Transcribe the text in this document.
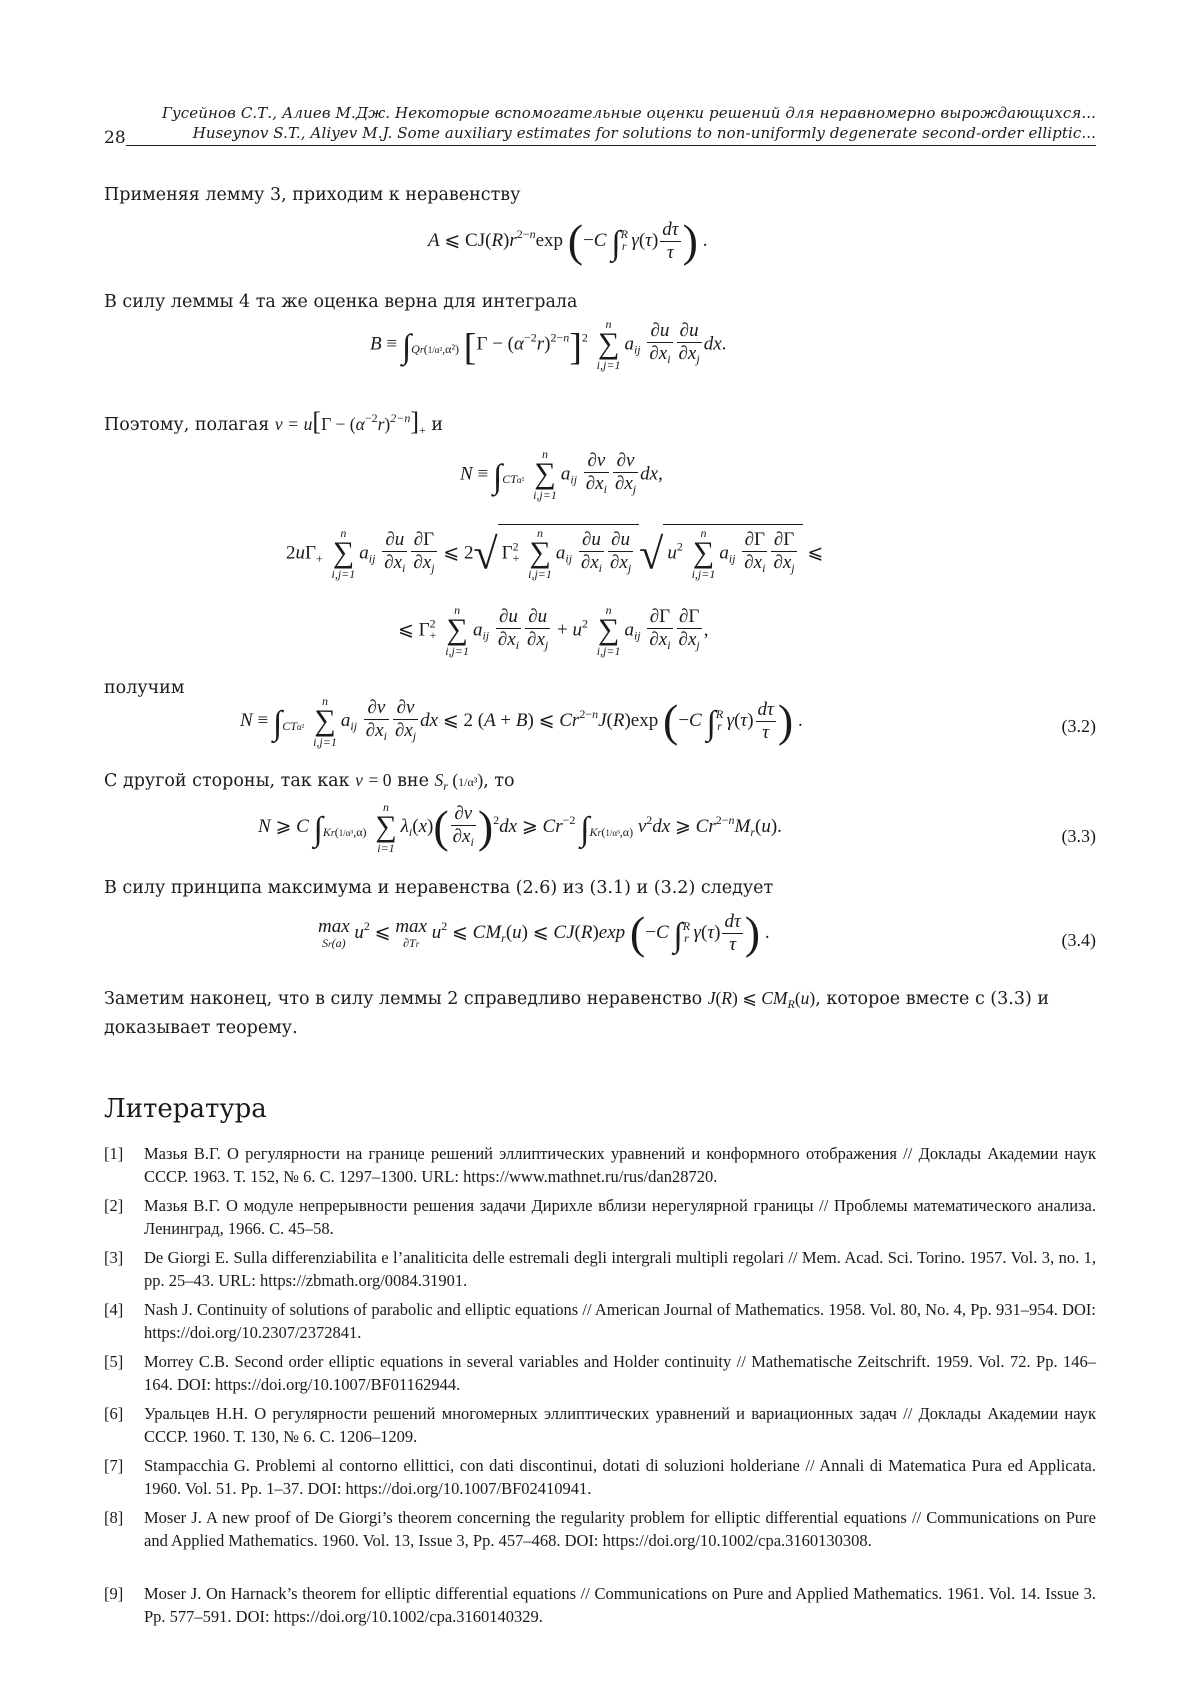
28
Гусейнов С.Т., Алиев М.Дж. Некоторые вспомогательные оценки решений для неравномерно вырождающихся...
Huseynov S.T., Aliyev M.J. Some auxiliary estimates for solutions to non-uniformly degenerate second-order elliptic...
Применяя лемму 3, приходим к неравенству
A ⩽ $CJ(R)r^{2-n}\exp$ (−C ∫$^R_r$ $\gamma(\tau) \frac{d\tau}{\tau}$ ) .
В силу леммы 4 та же оценка верна для интеграла
$B \equiv \int_{Qr(1/\alpha^2,\alpha^2)}$ $[\Gamma - (\alpha^{-2}r)^{2-n}]^2$
n
∑
i,j=1
$a_{ij} \frac{\partial u}{\partial x_i} \frac{\partial u}{\partial x_j}$ dx.
Поэтому, полагая $v = u[\Gamma - (\alpha^{-2}r)^{2-n}]_+$ и
$N \equiv \int_{CT\alpha^2}$
n
∑
i,j=1
$a_{ij} \frac{\partial v}{\partial x_i} \frac{\partial v}{\partial x_j}$ dx,
$2u\Gamma_+$
n
∑
i,j=1
$a_{ij} \frac{\partial u}{\partial x_i} \frac{\partial\Gamma}{\partial x_j}$ ⩽ 2√ $\Gamma^2_+$
n
∑
i,j=1
$a_{ij} \frac{\partial u}{\partial x_i} \frac{\partial u}{\partial x_j}$ √ $u^2$
n
∑
i,j=1
$a_{ij} \frac{\partial\Gamma}{\partial x_i} \frac{\partial\Gamma}{\partial x_j}$ ⩽
⩽ $\Gamma^2_+$
n
∑
i,j=1
$a_{ij} \frac{\partial u}{\partial x_i} \frac{\partial u}{\partial x_j} + u^2$
n
∑
i,j=1
$a_{ij} \frac{\partial\Gamma}{\partial x_i} \frac{\partial\Gamma}{\partial x_j}$ ,
получим
$N \equiv \int_{CT\alpha^2}$
n
∑
i,j=1
$a_{ij} \frac{\partial v}{\partial x_i} \frac{\partial v}{\partial x_j}$ dx ⩽ 2 (A + B) ⩽ $Cr^{2-n}J(R)\exp$ (−C ∫$^R_r$ $\gamma(\tau) \frac{d\tau}{\tau}$ ) .	(3.2)
С другой стороны, так как v = 0 вне $S_r$ (1/α³), то
N ⩾ C $\int_{Kr(1/\alpha^3,\alpha)}$
n
∑
i=1
$\lambda_i(x)( \frac{\partial v}{\partial x_i} )^2dx$ ⩾ $Cr^{-2}$ $\int_{Kr(1/\alpha^3,\alpha)}$ $v^2dx$ ⩾ $Cr^{2-n}M_r(u)$.	(3.3)
В силу принципа максимума и неравенства (2.6) из (3.1) и (3.2) следует
max
Sr(a)
$u^2$ ⩽ max
∂Tr
$u^2$ ⩽ $CM_r(u)$ ⩽ CJ(R)exp (−C ∫$^R_r$ $\gamma(\tau) \frac{d\tau}{\tau}$ ) .	(3.4)
Заметим наконец, что в силу леммы 2 справедливо неравенство J(R) ⩽ $CM_R(u)$, которое вместе с (3.3) и доказывает теорему.
Литература
[1] Мазья В.Г. О регулярности на границе решений эллиптических уравнений и конформного отображения // Доклады Академии наук СССР. 1963. Т. 152, № 6. С. 1297–1300. URL: https://www.mathnet.ru/rus/dan28720.
[2] Мазья В.Г. О модуле непрерывности решения задачи Дирихле вблизи нерегулярной границы // Проблемы математического анализа. Ленинград, 1966. С. 45–58.
[3] De Giorgi E. Sulla differenziabilita e l’analiticita delle estremali degli intergrali multipli regolari // Mem. Acad. Sci. Torino. 1957. Vol. 3, no. 1, pp. 25–43. URL: https://zbmath.org/0084.31901.
[4] Nash J. Continuity of solutions of parabolic and elliptic equations // American Journal of Mathematics. 1958. Vol. 80, No. 4, Pp. 931–954. DOI: https://doi.org/10.2307/2372841.
[5] Morrey C.B. Second order elliptic equations in several variables and Holder continuity // Mathematische Zeitschrift. 1959. Vol. 72. Pp. 146–164. DOI: https://doi.org/10.1007/BF01162944.
[6] Уральцев Н.Н. О регулярности решений многомерных эллиптических уравнений и вариационных задач // Доклады Академии наук СССР. 1960. Т. 130, № 6. С. 1206–1209.
[7] Stampacchia G. Problemi al contorno ellittici, con dati discontinui, dotati di soluzioni holderiane // Annali di Matematica Pura ed Applicata. 1960. Vol. 51. Pp. 1–37. DOI: https://doi.org/10.1007/BF02410941.
[8] Moser J. A new proof of De Giorgi’s theorem concerning the regularity problem for elliptic differential equations // Communications on Pure and Applied Mathematics. 1960. Vol. 13, Issue 3, Pp. 457–468. DOI: https://doi.org/10.1002/cpa.3160130308.
[9] Moser J. On Harnack’s theorem for elliptic differential equations // Communications on Pure and Applied Mathematics. 1961. Vol. 14. Issue 3. Pp. 577–591. DOI: https://doi.org/10.1002/cpa.3160140329.
